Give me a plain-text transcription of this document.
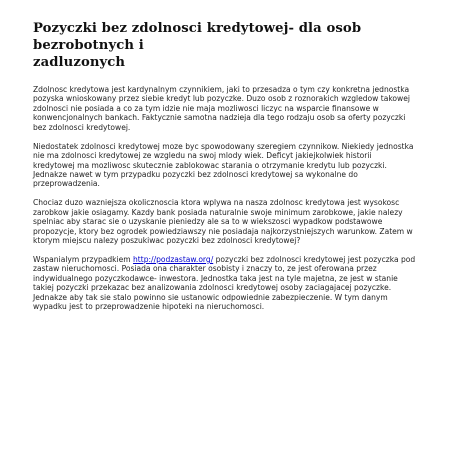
Pozyczki bez zdolnosci kredytowej- dla osob bezrobotnych i
zadluzonych
Zdolnosc kredytowa jest kardynalnym czynnikiem, jaki to przesadza o tym czy konkretna jednostka
pozyska wnioskowany przez siebie kredyt lub pozyczke. Duzo osob z roznorakich wzgledow takowej
zdolnosci nie posiada a co za tym idzie nie maja mozliwosci liczyc na wsparcie finansowe w
konwencjonalnych bankach. Faktycznie samotna nadzieja dla tego rodzaju osob sa oferty pozyczki
bez zdolnosci kredytowej.
Niedostatek zdolnosci kredytowej moze byc spowodowany szeregiem czynnikow. Niekiedy jednostka
nie ma zdolnosci kredytowej ze wzgledu na swoj mlody wiek. Deficyt jakiejkolwiek historii
kredytowej ma mozliwosc skutecznie zablokowac starania o otrzymanie kredytu lub pozyczki.
Jednakze nawet w tym przypadku pozyczki bez zdolnosci kredytowej sa wykonalne do
przeprowadzenia.
Chociaz duzo wazniejsza okolicznoscia ktora wplywa na nasza zdolnosc kredytowa jest wysokosc
zarobkow jakie osiagamy. Kazdy bank posiada naturalnie swoje minimum zarobkowe, jakie nalezy
spelniac aby starac sie o uzyskanie pieniedzy ale sa to w wiekszosci wypadkow podstawowe
propozycje, ktory bez ogrodek powiedziawszy nie posiadaja najkorzystniejszych warunkow. Zatem w
ktorym miejscu nalezy poszukiwac pozyczki bez zdolnosci kredytowej?
Wspanialym przypadkiem http://podzastaw.org/ pozyczki bez zdolnosci kredytowej jest pozyczka pod
zastaw nieruchomosci. Posiada ona charakter osobisty i znaczy to, ze jest oferowana przez
indywidualnego pozyczkodawce- inwestora. Jednostka taka jest na tyle majetna, ze jest w stanie
takiej pozyczki przekazac bez analizowania zdolnosci kredytowej osoby zaciagajacej pozyczke.
Jednakze aby tak sie stalo powinno sie ustanowic odpowiednie zabezpieczenie. W tym danym
wypadku jest to przeprowadzenie hipoteki na nieruchomosci.
